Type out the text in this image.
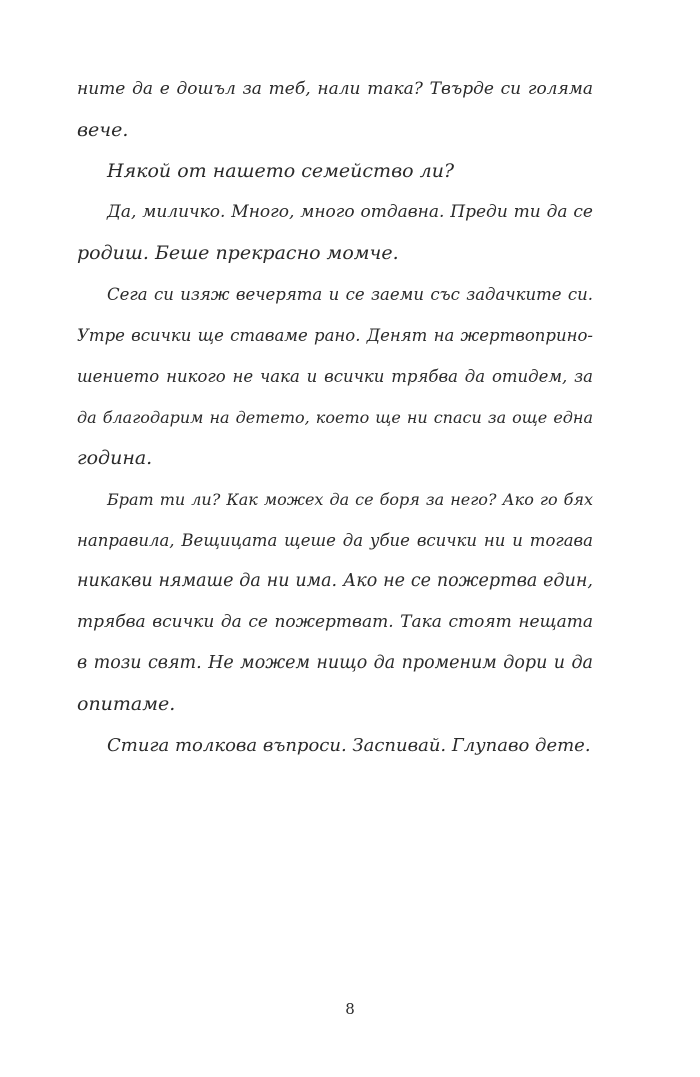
ните да е дошъл за теб, нали така? Твърде си голяма
вече.
Някой от нашето семейство ли?
Да, миличко. Много, много отдавна. Преди ти да се
родиш. Беше прекрасно момче.
Сега си изяж вечерята и се заеми със задачките си.
Утре всички ще ставаме рано. Денят на жертвоприно-
шението никого не чака и всички трябва да отидем, за
да благодарим на детето, което ще ни спаси за още една
година.
Брат ти ли? Как можех да се боря за него? Ако го бях
направила, Вещицата щеше да убие всички ни и тогава
никакви нямаше да ни има. Ако не се пожертва един,
трябва всички да се пожертват. Така стоят нещата
в този свят. Не можем нищо да променим дори и да
опитаме.
Стига толкова въпроси. Заспивай. Глупаво дете.
8
